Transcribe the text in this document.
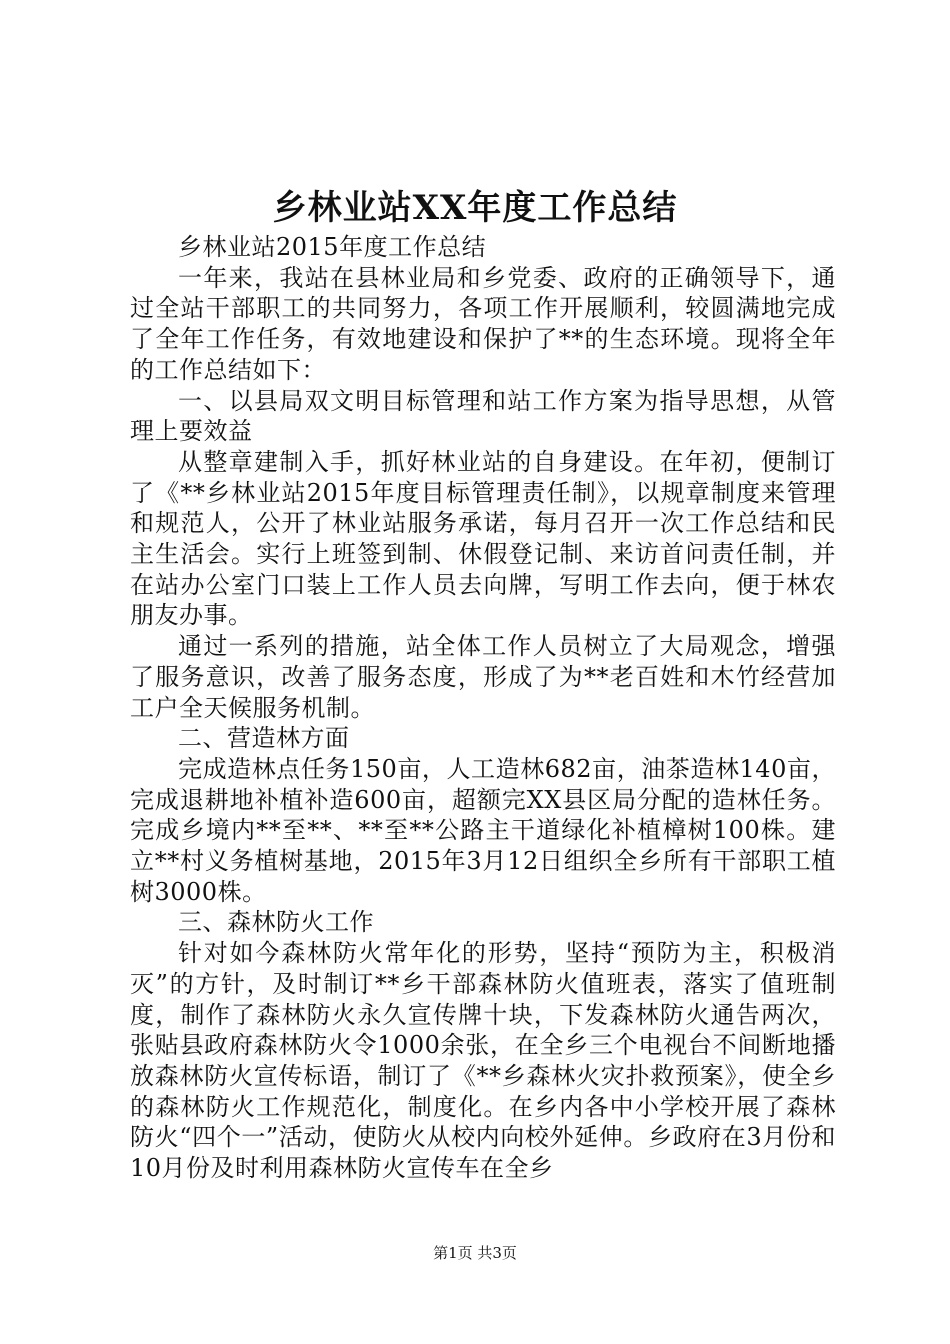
乡林业站XX年度工作总结

乡林业站2015年度工作总结

一年来，我站在县林业局和乡党委、政府的正确领导下，通过全站干部职工的共同努力，各项工作开展顺利，较圆满地完成了全年工作任务，有效地建设和保护了**的生态环境。现将全年的工作总结如下：

一、以县局双文明目标管理和站工作方案为指导思想，从管理上要效益

从整章建制入手，抓好林业站的自身建设。在年初，便制订了《**乡林业站2015年度目标管理责任制》，以规章制度来管理和规范人，公开了林业站服务承诺，每月召开一次工作总结和民主生活会。实行上班签到制、休假登记制、来访首问责任制，并在站办公室门口装上工作人员去向牌，写明工作去向，便于林农朋友办事。

通过一系列的措施，站全体工作人员树立了大局观念，增强了服务意识，改善了服务态度，形成了为**老百姓和木竹经营加工户全天候服务机制。

二、营造林方面

完成造林点任务150亩，人工造林682亩，油茶造林140亩，完成退耕地补植补造600亩，超额完XX县区局分配的造林任务。完成乡境内**至**、**至**公路主干道绿化补植樟树100株。建立**村义务植树基地，2015年3月12日组织全乡所有干部职工植树3000株。

三、森林防火工作

针对如今森林防火常年化的形势，坚持“预防为主，积极消灭”的方针，及时制订**乡干部森林防火值班表，落实了值班制度，制作了森林防火永久宣传牌十块，下发森林防火通告两次，张贴县政府森林防火令1000余张，在全乡三个电视台不间断地播放森林防火宣传标语，制订了《**乡森林火灾扑救预案》，使全乡的森林防火工作规范化，制度化。在乡内各中小学校开展了森林防火“四个一”活动，使防火从校内向校外延伸。乡政府在3月份和10月份及时利用森林防火宣传车在全乡

第1页 共3页
